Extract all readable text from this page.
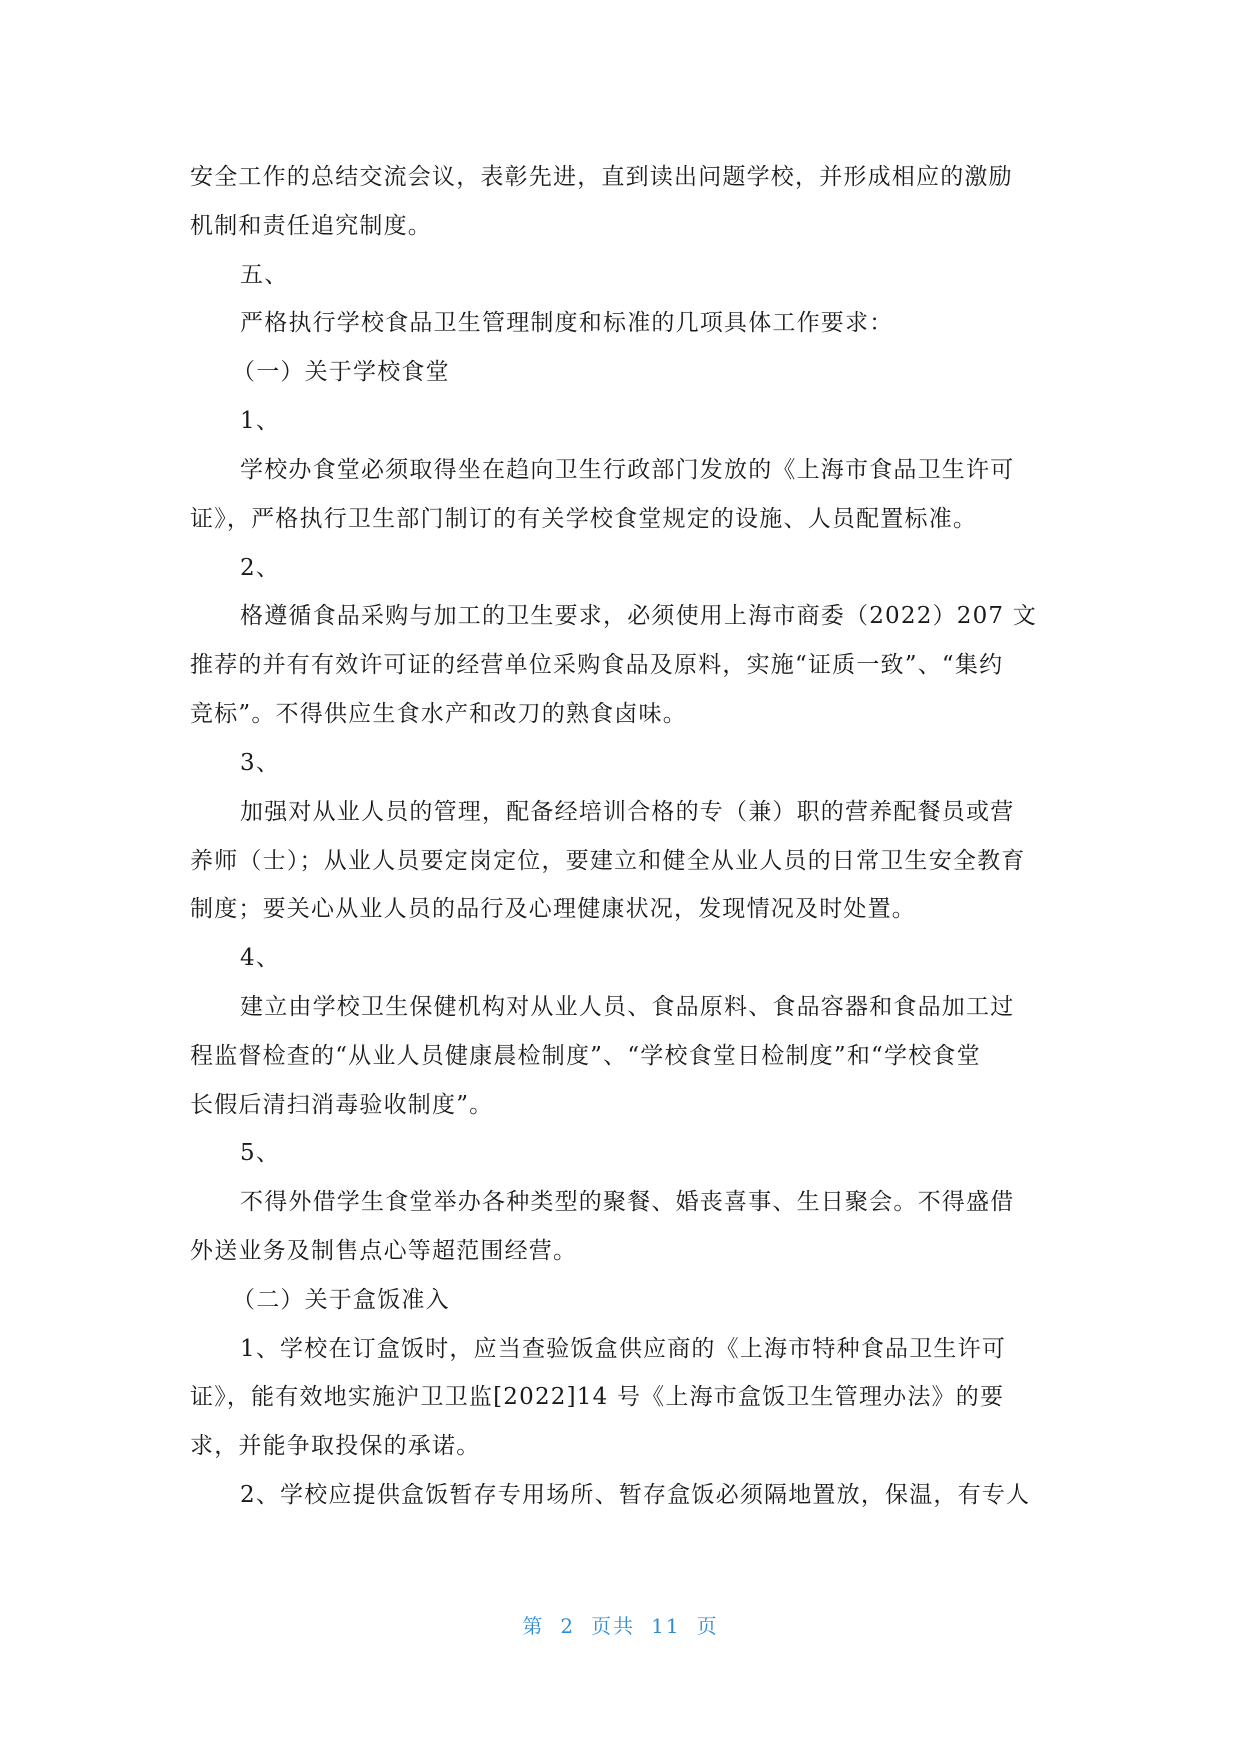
安全工作的总结交流会议，表彰先进，直到读出问题学校，并形成相应的激励

机制和责任追究制度。

五、

严格执行学校食品卫生管理制度和标准的几项具体工作要求：

（一）关于学校食堂

1、

学校办食堂必须取得坐在趋向卫生行政部门发放的《上海市食品卫生许可

证》，严格执行卫生部门制订的有关学校食堂规定的设施、人员配置标准。

2、

格遵循食品采购与加工的卫生要求，必须使用上海市商委（2022）207 文

推荐的并有有效许可证的经营单位采购食品及原料，实施“证质一致”、“集约

竞标”。不得供应生食水产和改刀的熟食卤味。

3、

加强对从业人员的管理，配备经培训合格的专（兼）职的营养配餐员或营

养师（士）；从业人员要定岗定位，要建立和健全从业人员的日常卫生安全教育

制度；要关心从业人员的品行及心理健康状况，发现情况及时处置。

4、

建立由学校卫生保健机构对从业人员、食品原料、食品容器和食品加工过

程监督检查的“从业人员健康晨检制度”、“学校食堂日检制度”和“学校食堂

长假后清扫消毒验收制度”。

5、

不得外借学生食堂举办各种类型的聚餐、婚丧喜事、生日聚会。不得盛借

外送业务及制售点心等超范围经营。

（二）关于盒饭准入

1、学校在订盒饭时，应当查验饭盒供应商的《上海市特种食品卫生许可

证》，能有效地实施沪卫卫监[2022]14 号《上海市盒饭卫生管理办法》的要

求，并能争取投保的承诺。

2、学校应提供盒饭暂存专用场所、暂存盒饭必须隔地置放，保温，有专人

第 2 页共 11 页
